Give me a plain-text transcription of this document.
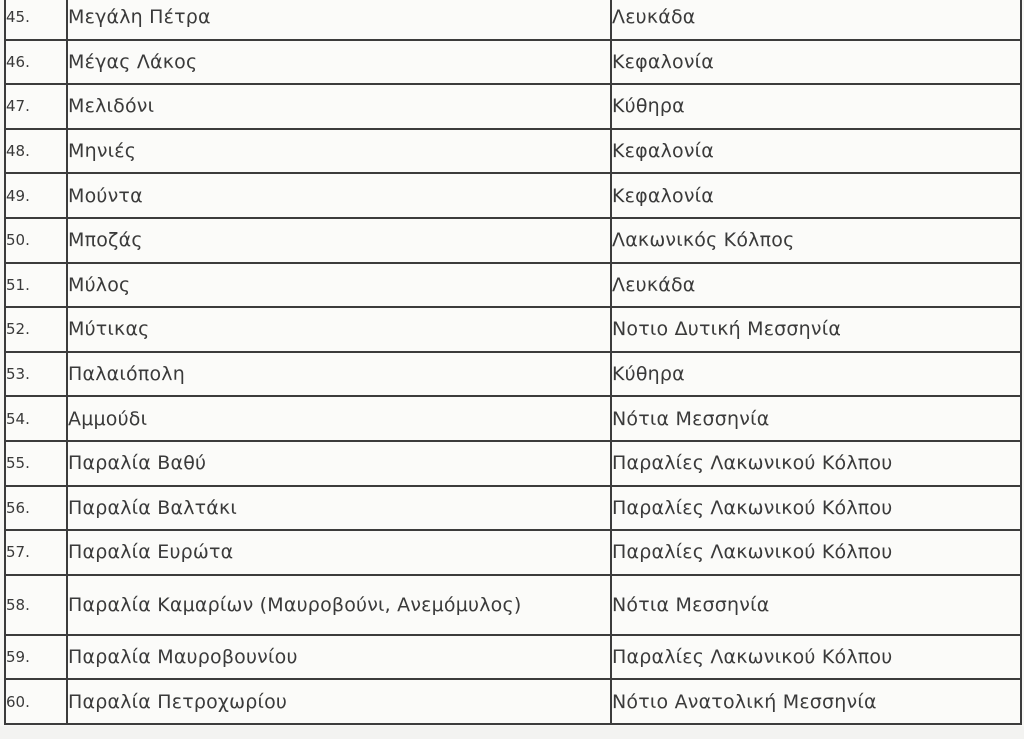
45.	Μεγάλη Πέτρα	Λευκάδα
46.	Μέγας Λάκος	Κεφαλονία
47.	Μελιδόνι	Κύθηρα
48.	Μηνιές	Κεφαλονία
49.	Μούντα	Κεφαλονία
50.	Μποζάς	Λακωνικός Κόλπος
51.	Μύλος	Λευκάδα
52.	Μύτικας	Νοτιο Δυτική Μεσσηνία
53.	Παλαιόπολη	Κύθηρα
54.	Αμμούδι	Νότια Μεσσηνία
55.	Παραλία Βαθύ	Παραλίες Λακωνικού Κόλπου
56.	Παραλία Βαλτάκι	Παραλίες Λακωνικού Κόλπου
57.	Παραλία Ευρώτα	Παραλίες Λακωνικού Κόλπου
58.	Παραλία Καμαρίων (Μαυροβούνι, Ανεμόμυλος)	Νότια Μεσσηνία
59.	Παραλία Μαυροβουνίου	Παραλίες Λακωνικού Κόλπου
60.	Παραλία Πετροχωρίου	Νότιο Ανατολική Μεσσηνία
